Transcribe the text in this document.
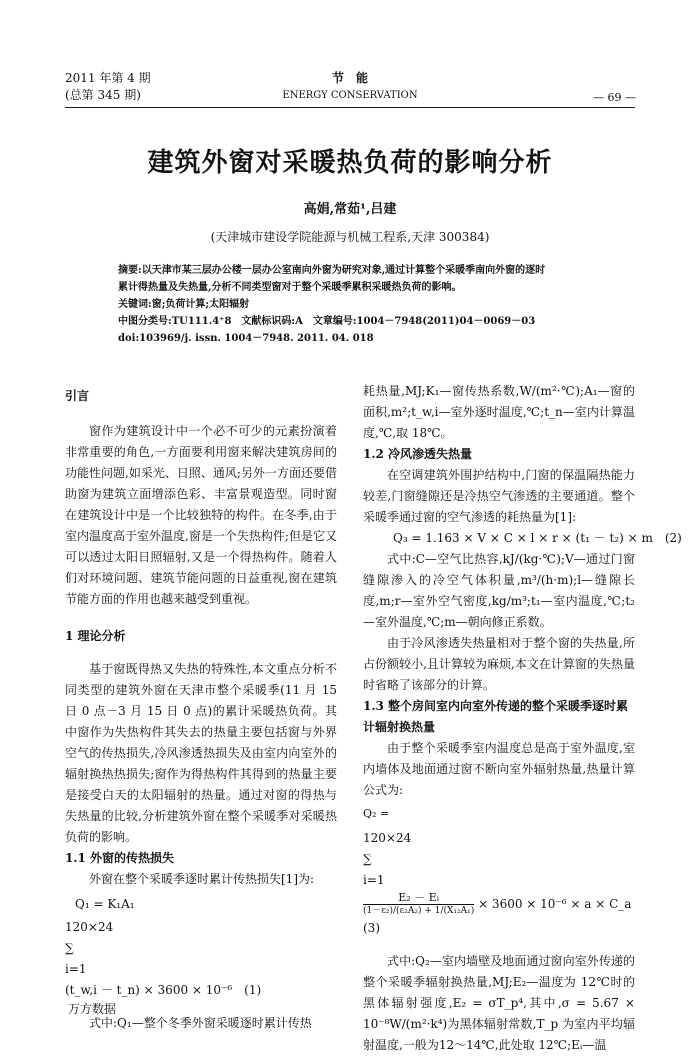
2011 年第 4 期
(总第 345 期)
节　能
ENERGY CONSERVATION	— 69 —
建筑外窗对采暖热负荷的影响分析
高娟,常茹¹,吕建
(天津城市建设学院能源与机械工程系,天津 300384)
摘要:以天津市某三层办公楼一层办公室南向外窗为研究对象,通过计算整个采暖季南向外窗的逐时
累计得热量及失热量,分析不同类型窗对于整个采暖季累积采暖热负荷的影响。
关键词:窗;负荷计算;太阳辐射
中图分类号:TU111.4⁺8　文献标识码:A　文章编号:1004－7948(2011)04－0069－03
doi:103969/j. issn. 1004－7948. 2011. 04. 018

引言

窗作为建筑设计中一个必不可少的元素扮演着非常重要的角色,一方面要利用窗来解决建筑房间的功能性问题,如采光、日照、通风;另外一方面还要借助窗为建筑立面增添色彩、丰富景观造型。同时窗在建筑设计中是一个比较独特的构件。在冬季,由于室内温度高于室外温度,窗是一个失热构件;但是它又可以透过太阳日照辐射,又是一个得热构件。随着人们对环境问题、建筑节能问题的日益重视,窗在建筑节能方面的作用也越来越受到重视。

1 理论分析

基于窗既得热又失热的特殊性,本文重点分析不同类型的建筑外窗在天津市整个采暖季(11 月 15 日 0 点－3 月 15 日 0 点)的累计采暖热负荷。其中窗作为失热构件其失去的热量主要包括窗与外界空气的传热损失,冷风渗透热损失及由室内向室外的辐射换热热损失;窗作为得热构件其得到的热量主要是接受白天的太阳辐射的热量。通过对窗的得热与失热量的比较,分析建筑外窗在整个采暖季对采暖热负荷的影响。

1.1 外窗的传热损失

外窗在整个采暖季逐时累计传热损失[1]为:

Q₁ = K₁A₁

120×24
∑
i=1
(t_w,i － t_n) × 3600 × 10⁻⁶　(1)

式中:Q₁—整个冬季外窗采暖逐时累计传热

耗热量,MJ;K₁—窗传热系数,W/(m²·℃);A₁—窗的面积,m²;t_w,i—室外逐时温度,℃;t_n—室内计算温度,℃,取 18℃。

1.2 冷风渗透失热量

在空调建筑外围护结构中,门窗的保温隔热能力较差,门窗缝隙还是冷热空气渗透的主要通道。整个采暖季通过窗的空气渗透的耗热量为[1]:

Q₃ = 1.163 × V × C × l × r × (t₁ － t₂) × m　(2)

式中:C—空气比热容,kJ/(kg·℃);V—通过门窗缝隙渗入的冷空气体积量,m³/(h·m);l—缝隙长度,m;r—室外空气密度,kg/m³;t₁—室内温度,℃;t₂—室外温度,℃;m—朝向修正系数。

由于冷风渗透失热量相对于整个窗的失热量,所占份额较小,且计算较为麻烦,本文在计算窗的失热量时省略了该部分的计算。

1.3 整个房间室内向室外传递的整个采暖季逐时累计辐射换热量

由于整个采暖季室内温度总是高于室外温度,室内墙体及地面通过窗不断向室外辐射热量,热量计算公式为:

Q₂ =

120×24
∑
i=1
$\frac{\text{E₂ － Eᵢ}}{\text{(1－ε₂)/(ε₂A₂) + 1/(X₁₂A₁)}} \times 3600 \times 10^{-6} \times a$ × C_a　(3)

式中:Q₂—室内墙壁及地面通过窗向室外传递的整个采暖季辐射换热量,MJ;E₂—温度为 12℃时的黑体辐射强度,E₂ = σT_p⁴,其中,σ = 5.67 × 10⁻⁸W/(m²·k⁴)为黑体辐射常数,T_p 为室内平均辐射温度,一般为12～14℃,此处取 12℃;Eᵢ—温

万方数据
